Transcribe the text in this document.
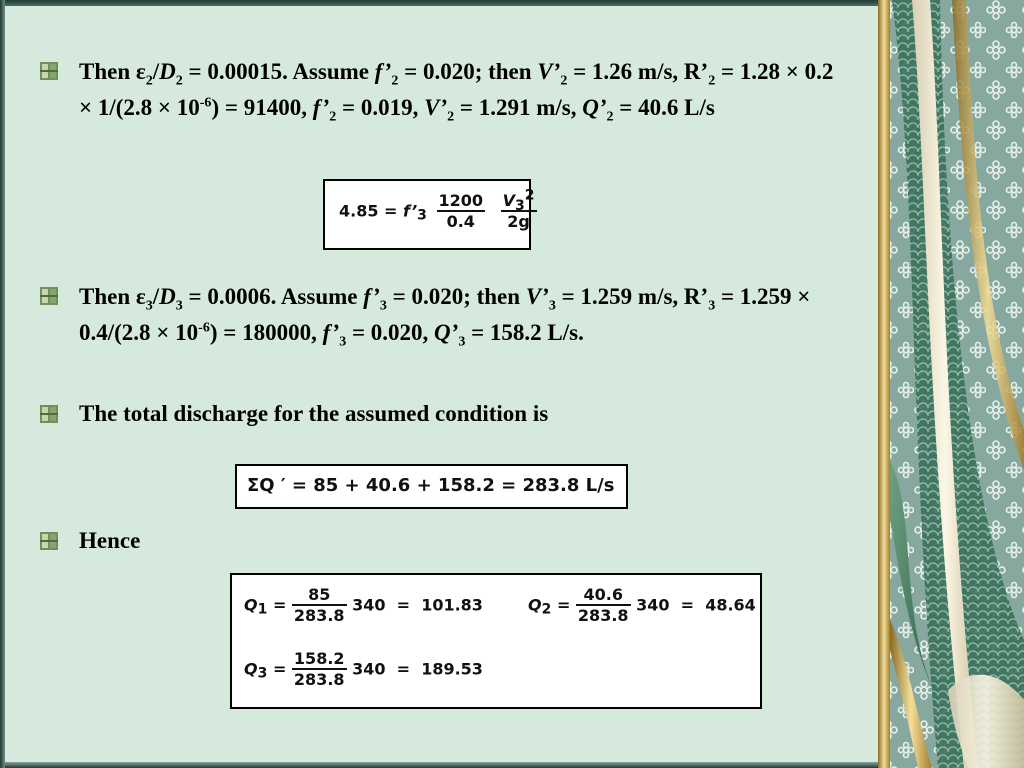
Then $\varepsilon_2/D_2 = 0.00015$. Assume $f’_2 = 0.020$; then $V’_2 = 1.26$ m/s, $R’_2 = 1.28 \times 0.2 \times 1/(2.8 \times 10^{-6}) = 91400$, $f’_2 = 0.019$, $V’_2 = 1.291$ m/s, $Q’_2 = 40.6$ L/s
$4.85 = f’_3 \frac{1200}{0.4}$
$\frac{V_3^2}{2g}$
Then $\varepsilon_3/D_3 = 0.0006$. Assume $f’_3 = 0.020$; then $V’_3 = 1.259$ m/s, $R’_3 = 1.259 \times 0.4/(2.8 \times 10^{-6}) = 180000$, $f’_3 = 0.020$, $Q’_3 = 158.2$ L/s.
The total discharge for the assumed condition is
ΣQ ′ = 85 + 40.6 + 158.2 = 283.8 L/s
Hence
$Q_1 = \frac{85}{283.8} 340 = 101.83$	$Q_2 = \frac{40.6}{283.8} 340 = 48.64$
$Q_3 = \frac{158.2}{283.8} 340 = 189.53$
